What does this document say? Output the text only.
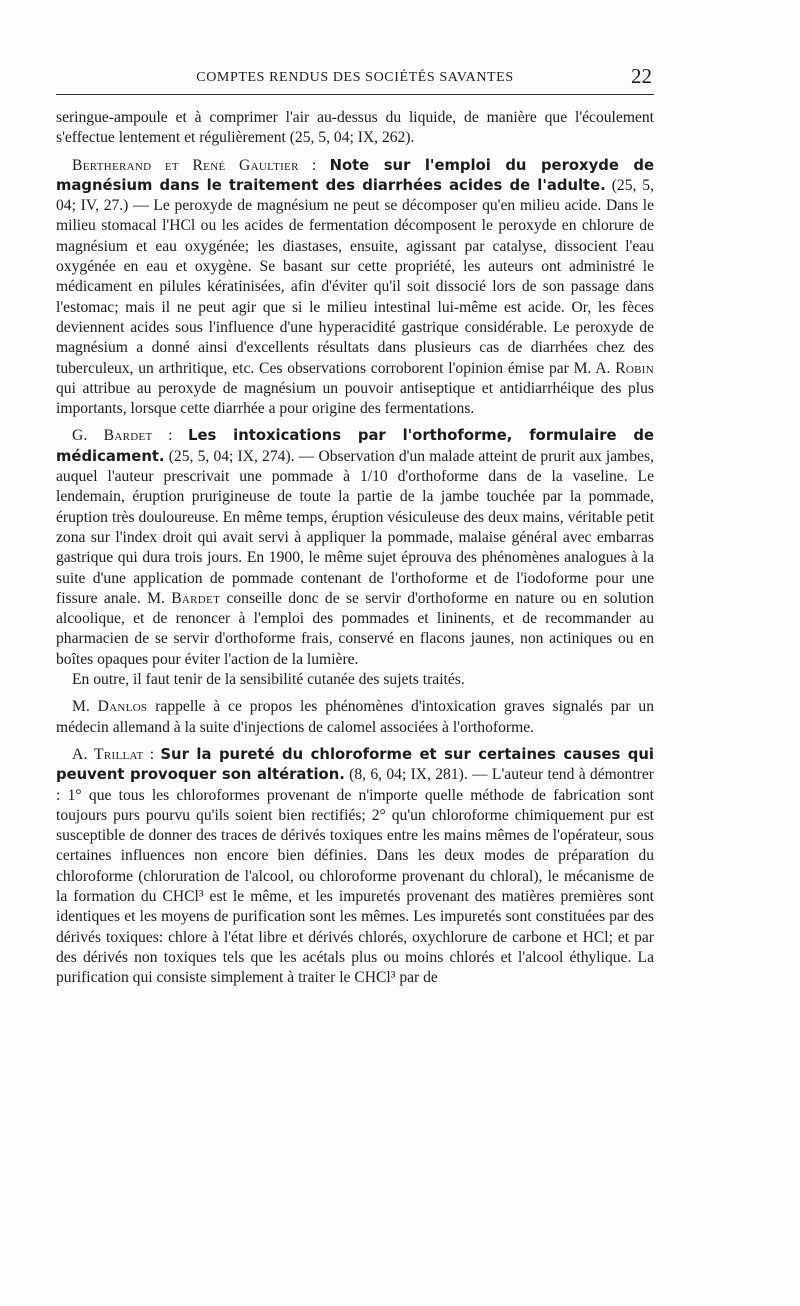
COMPTES RENDUS DES SOCIÉTÉS SAVANTES	22

seringue-ampoule et à comprimer l'air au-dessus du liquide, de manière que l'écoulement s'effectue lentement et régulièrement (25, 5, 04; IX, 262).

Bertherand et René Gaultier : Note sur l'emploi du peroxyde de magnésium dans le traitement des diarrhées acides de l'adulte. (25, 5, 04; IV, 27.) — Le peroxyde de magnésium ne peut se décomposer qu'en milieu acide. Dans le milieu stomacal l'HCl ou les acides de fermentation décomposent le peroxyde en chlorure de magnésium et eau oxygénée; les diastases, ensuite, agissant par catalyse, dissocient l'eau oxygénée en eau et oxygène. Se basant sur cette propriété, les auteurs ont administré le médicament en pilules kératinisées, afin d'éviter qu'il soit dissocié lors de son passage dans l'estomac; mais il ne peut agir que si le milieu intestinal lui-même est acide. Or, les fèces deviennent acides sous l'influence d'une hyperacidité gastrique considérable. Le peroxyde de magnésium a donné ainsi d'excellents résultats dans plusieurs cas de diarrhées chez des tuberculeux, un arthritique, etc. Ces observations corroborent l'opinion émise par M. A. Robin qui attribue au peroxyde de magnésium un pouvoir antiseptique et antidiarrhéique des plus importants, lorsque cette diarrhée a pour origine des fermentations.

G. Bardet : Les intoxications par l'orthoforme, formulaire de médicament. (25, 5, 04; IX, 274). — Observation d'un malade atteint de prurit aux jambes, auquel l'auteur prescrivait une pommade à 1/10 d'orthoforme dans de la vaseline. Le lendemain, éruption prurigineuse de toute la partie de la jambe touchée par la pommade, éruption très douloureuse. En même temps, éruption vésiculeuse des deux mains, véritable petit zona sur l'index droit qui avait servi à appliquer la pommade, malaise général avec embarras gastrique qui dura trois jours. En 1900, le même sujet éprouva des phénomènes analogues à la suite d'une application de pommade contenant de l'orthoforme et de l'iodoforme pour une fissure anale. M. Bardet conseille donc de se servir d'orthoforme en nature ou en solution alcoolique, et de renoncer à l'emploi des pommades et lininents, et de recommander au pharmacien de se servir d'orthoforme frais, conservé en flacons jaunes, non actiniques ou en boîtes opaques pour éviter l'action de la lumière.

En outre, il faut tenir de la sensibilité cutanée des sujets traités.

M. Danlos rappelle à ce propos les phénomènes d'intoxication graves signalés par un médecin allemand à la suite d'injections de calomel associées à l'orthoforme.

A. Trillat : Sur la pureté du chloroforme et sur certaines causes qui peuvent provoquer son altération. (8, 6, 04; IX, 281). — L'auteur tend à démontrer : 1° que tous les chloroformes provenant de n'importe quelle méthode de fabrication sont toujours purs pourvu qu'ils soient bien rectifiés; 2° qu'un chloroforme chimiquement pur est susceptible de donner des traces de dérivés toxiques entre les mains mêmes de l'opérateur, sous certaines influences non encore bien définies. Dans les deux modes de préparation du chloroforme (chloruration de l'alcool, ou chloroforme provenant du chloral), le mécanisme de la formation du CHCl³ est le même, et les impuretés provenant des matières premières sont identiques et les moyens de purification sont les mêmes. Les impuretés sont constituées par des dérivés toxiques: chlore à l'état libre et dérivés chlorés, oxychlorure de carbone et HCl; et par des dérivés non toxiques tels que les acétals plus ou moins chlorés et l'alcool éthylique. La purification qui consiste simplement à traiter le CHCl³ par de
